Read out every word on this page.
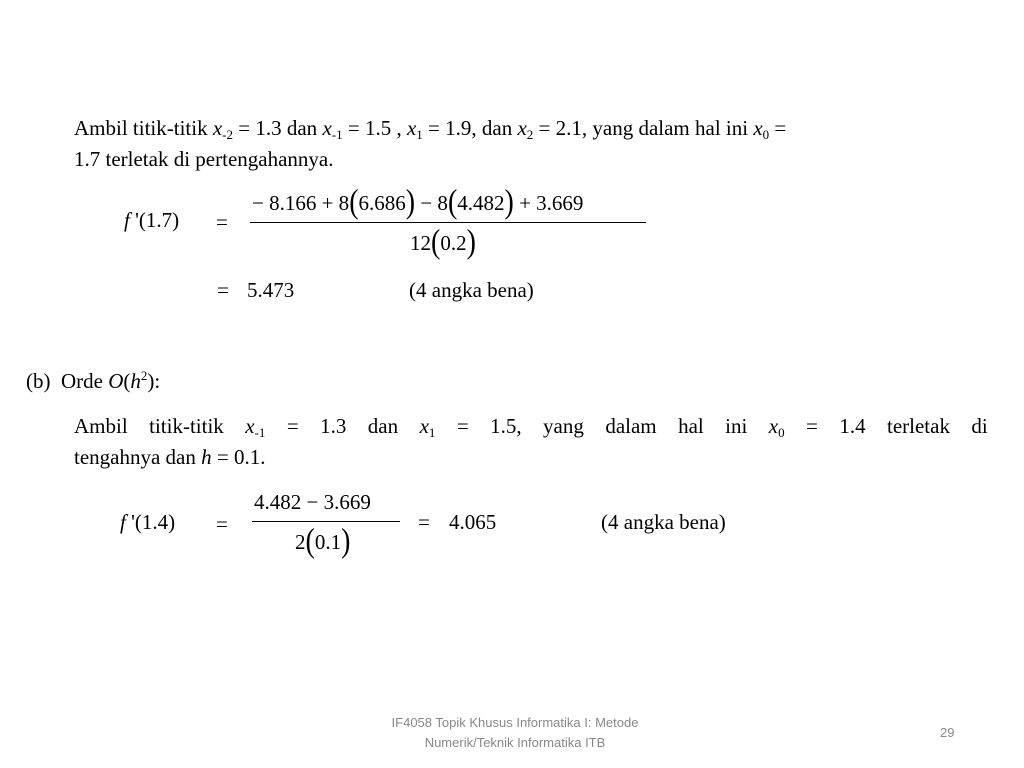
Ambil titik-titik $x_{-2} = 1.3$ dan $x_{-1} = 1.5$ , $x_1 = 1.9$, dan $x_2 = 2.1$, yang dalam hal ini $x_0$ =
1.7 terletak di pertengahannya.
f '(1.7) =
− 8.166 + 8(6.686) − 8(4.482) + 3.669
12(0.2)
= 5.473	(4 angka bena)
(b) Orde $O(h^2)$:
Ambil titik-titik $x_{-1} = 1.3$ dan $x_1 = 1.5$, yang dalam hal ini $x_0 = 1.4$ terletak di
tengahnya dan h = 0.1.
f '(1.4) =
4.482 − 3.669
2(0.1)
= 4.065	(4 angka bena)
IF4058 Topik Khusus Informatika I: Metode
Numerik/Teknik Informatika ITB
29
